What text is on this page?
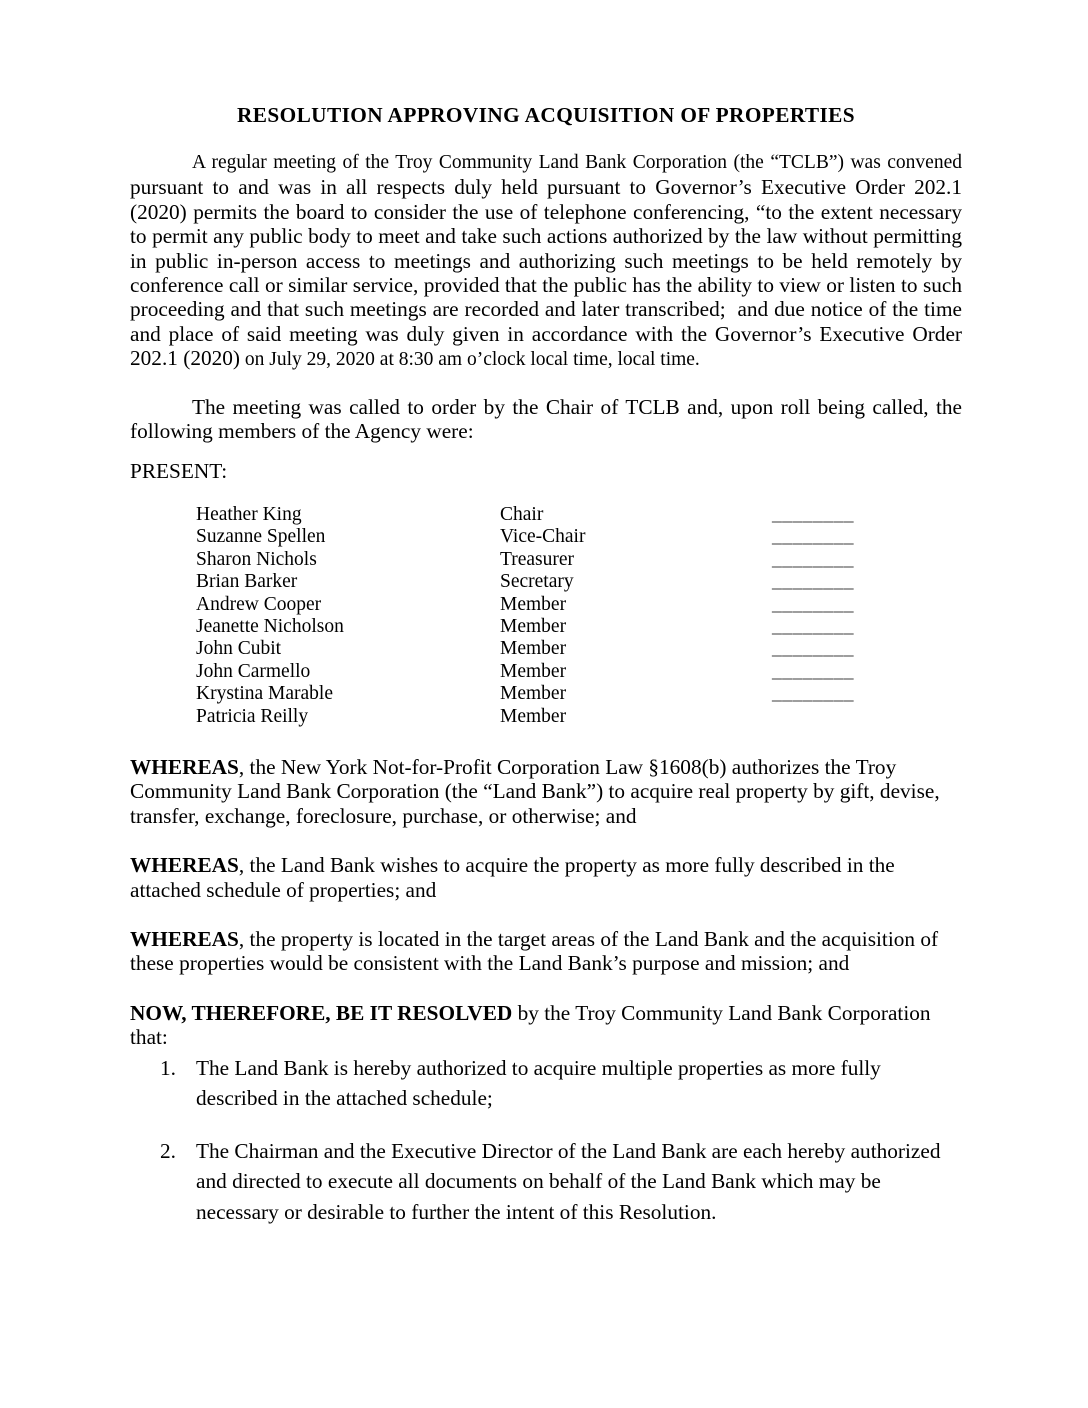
RESOLUTION APPROVING ACQUISITION OF PROPERTIES

A regular meeting of the Troy Community Land Bank Corporation (the “TCLB”) was convened pursuant to and was in all respects duly held pursuant to Governor’s Executive Order 202.1 (2020) permits the board to consider the use of telephone conferencing, “to the extent necessary to permit any public body to meet and take such actions authorized by the law without permitting in public in-person access to meetings and authorizing such meetings to be held remotely by conference call or similar service, provided that the public has the ability to view or listen to such proceeding and that such meetings are recorded and later transcribed;  and due notice of the time and place of said meeting was duly given in accordance with the Governor’s Executive Order 202.1 (2020) on July 29, 2020 at 8:30 am o’clock local time, local time.

The meeting was called to order by the Chair of TCLB and, upon roll being called, the following members of the Agency were:

PRESENT:
Heather King	Chair	________
Suzanne Spellen	Vice-Chair	________
Sharon Nichols	Treasurer	________
Brian Barker	Secretary	________
Andrew Cooper	Member	________
Jeanette Nicholson	Member	________
John Cubit	Member	________
John Carmello	Member	________
Krystina Marable	Member	________
Patricia Reilly	Member

WHEREAS, the New York Not-for-Profit Corporation Law §1608(b) authorizes the Troy Community Land Bank Corporation (the “Land Bank”) to acquire real property by gift, devise, transfer, exchange, foreclosure, purchase, or otherwise; and

WHEREAS, the Land Bank wishes to acquire the property as more fully described in the attached schedule of properties; and

WHEREAS, the property is located in the target areas of the Land Bank and the acquisition of these properties would be consistent with the Land Bank’s purpose and mission; and

NOW, THEREFORE, BE IT RESOLVED by the Troy Community Land Bank Corporation that:

1. The Land Bank is hereby authorized to acquire multiple properties as more fully described in the attached schedule;
2. The Chairman and the Executive Director of the Land Bank are each hereby authorized and directed to execute all documents on behalf of the Land Bank which may be necessary or desirable to further the intent of this Resolution.
